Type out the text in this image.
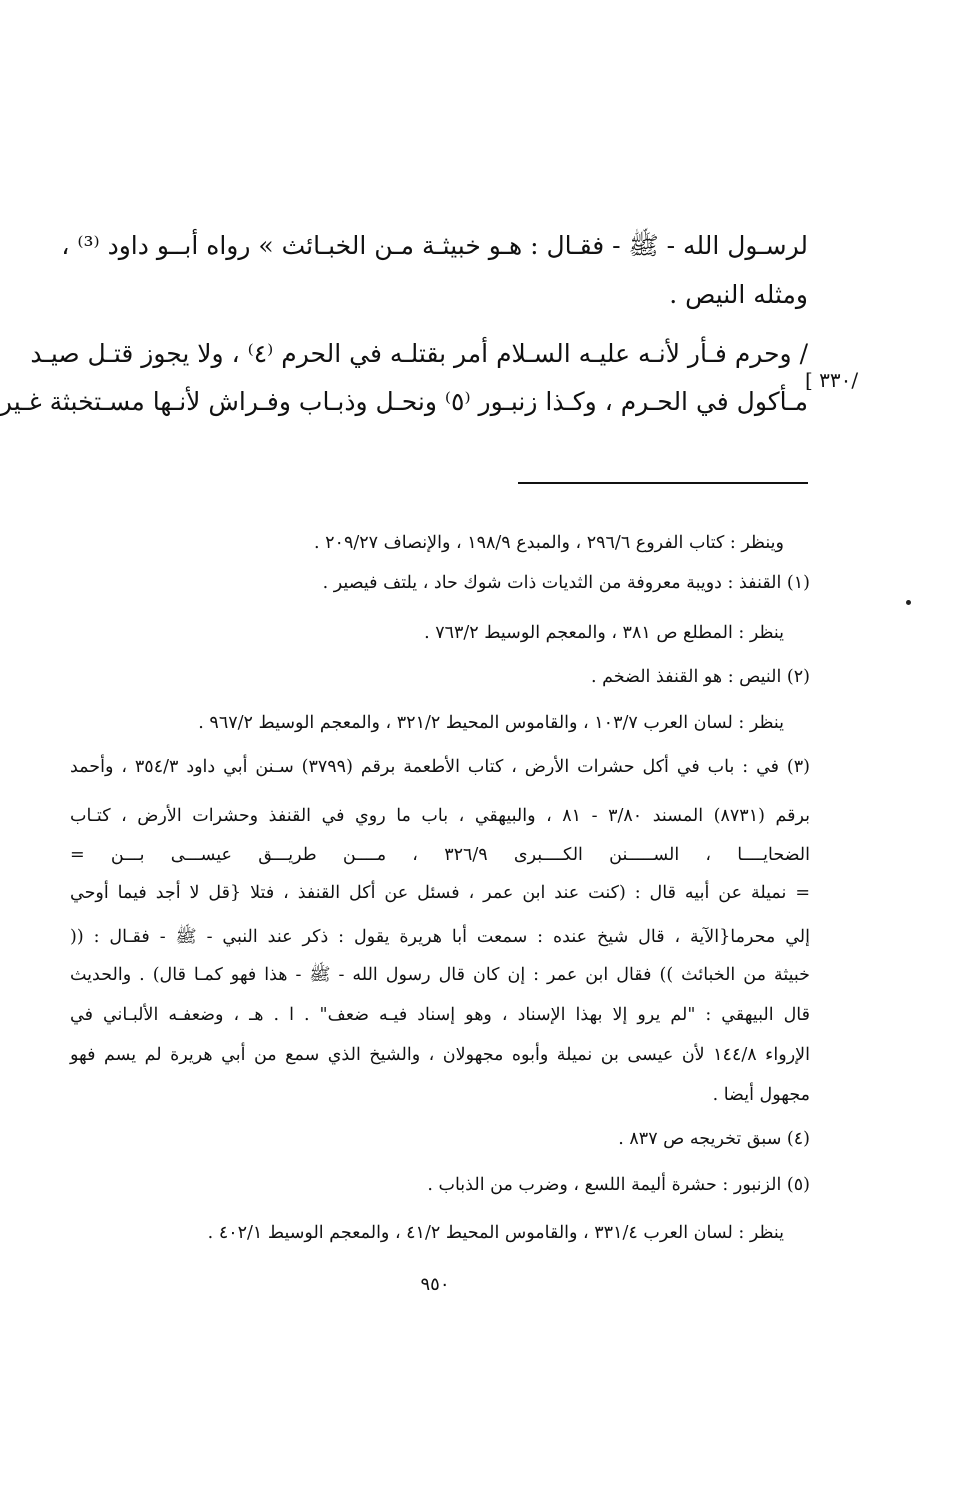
لرسـول الله - ﷺ - فقـال : هـو خبيثـة مـن الخبـائث » رواه أبــو داود ⁽³⁾ ،
ومثله النيص .
/ وحرم فـأر لأنـه عليـه السـلام أمر بقتلـه في الحرم ⁽٤⁾ ، ولا يجوز قتـل صيـد
مـأكول في الحـرم ، وكـذا زنبـور ⁽٥⁾ ونحـل وذبـاب وفـراش لأنـها مسـتخبثة غـير
[ ٣٣٠/
وينظر : كتاب الفروع ٢٩٦/٦ ، والمبدع ١٩٨/٩ ، والإنصاف ٢٠٩/٢٧ .
(١) القنفذ : دويبة معروفة من الثديات ذات شوك حاد ، يلتف فيصير .
ينظر : المطلع ص ٣٨١ ، والمعجم الوسيط ٧٦٣/٢ .
(٢) النيص : هو القنفذ الضخم .
ينظر : لسان العرب ١٠٣/٧ ، والقاموس المحيط ٣٢١/٢ ، والمعجم الوسيط ٩٦٧/٢ .
(٣) في : باب في أكل حشرات الأرض ، كتاب الأطعمة برقم (٣٧٩٩) سـنن أبي داود ٣٥٤/٣ ، وأحمد
برقم (٨٧٣١) المسند ٣/٨٠ - ٨١ ، والبيهقي ، باب ما روي في القنفذ وحشرات الأرض ، كتـاب
الضحايــــا ، الســـــنن الكــــبرى ٣٢٦/٩ ، مــــن طريـــق عيســـى بـــن =
= نميلة عن أبيه قال : (كنت عند ابن عمر ، فسئل عن أكل القنفذ ، فتلا {قل لا أجد فيما أوحي
إلي محرما{الآية ، قال شيخ عنده : سمعت أبا هريرة يقول : ذكر عند النبي - ﷺ - فقـال : ((
خبيثة من الخبائث )) فقال ابن عمر : إن كان قال رسول الله - ﷺ - هذا فهو كمـا قال) . والحديث
قال البيهقي : "لم يرو إلا بهذا الإسناد ، وهو إسناد فيـه ضعف" . ا . هـ ، وضعفـه الألبـاني في
الإرواء ١٤٤/٨ لأن عيسى بن نميلة وأبوه مجهولان ، والشيخ الذي سمع من أبي هريرة لم يسم فهو
مجهول أيضا .
(٤) سبق تخريجه ص ٨٣٧ .
(٥) الزنبور : حشرة أليمة اللسع ، وضرب من الذباب .
ينظر : لسان العرب ٣٣١/٤ ، والقاموس المحيط ٤١/٢ ، والمعجم الوسيط ٤٠٢/١ .
٩٥٠
